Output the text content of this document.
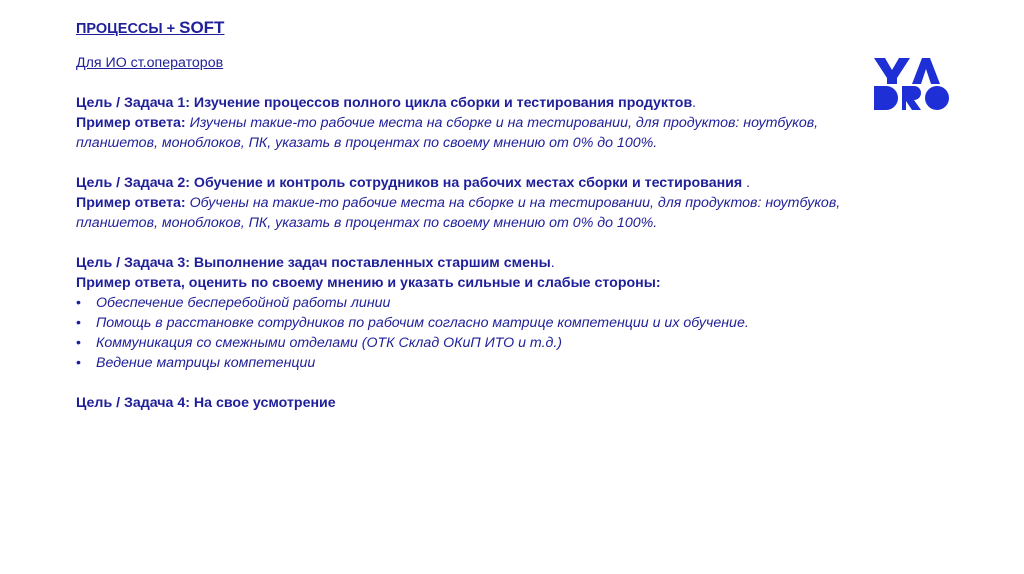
ПРОЦЕССЫ + SOFT
Для ИО ст.операторов
Цель / Задача 1: Изучение процессов полного цикла сборки и тестирования продуктов.
Пример ответа: Изучены такие-то рабочие места на сборке и на тестировании, для продуктов: ноутбуков,
планшетов, моноблоков, ПК, указать в процентах по своему мнению от 0% до 100%.
Цель / Задача 2: Обучение и контроль сотрудников на рабочих местах сборки и тестирования .
Пример ответа: Обучены на такие-то рабочие места на сборке и на тестировании, для продуктов: ноутбуков,
планшетов, моноблоков, ПК, указать в процентах по своему мнению от 0% до 100%.
Цель / Задача 3: Выполнение задач поставленных старшим смены.
Пример ответа, оценить по своему мнению и указать сильные и слабые стороны:
• Обеспечение бесперебойной работы линии
• Помощь в расстановке сотрудников по рабочим согласно матрице компетенции и их обучение.
• Коммуникация со смежными отделами (ОТК Склад ОКиП ИТО и т.д.)
• Ведение матрицы компетенции
Цель / Задача 4: На свое усмотрение
